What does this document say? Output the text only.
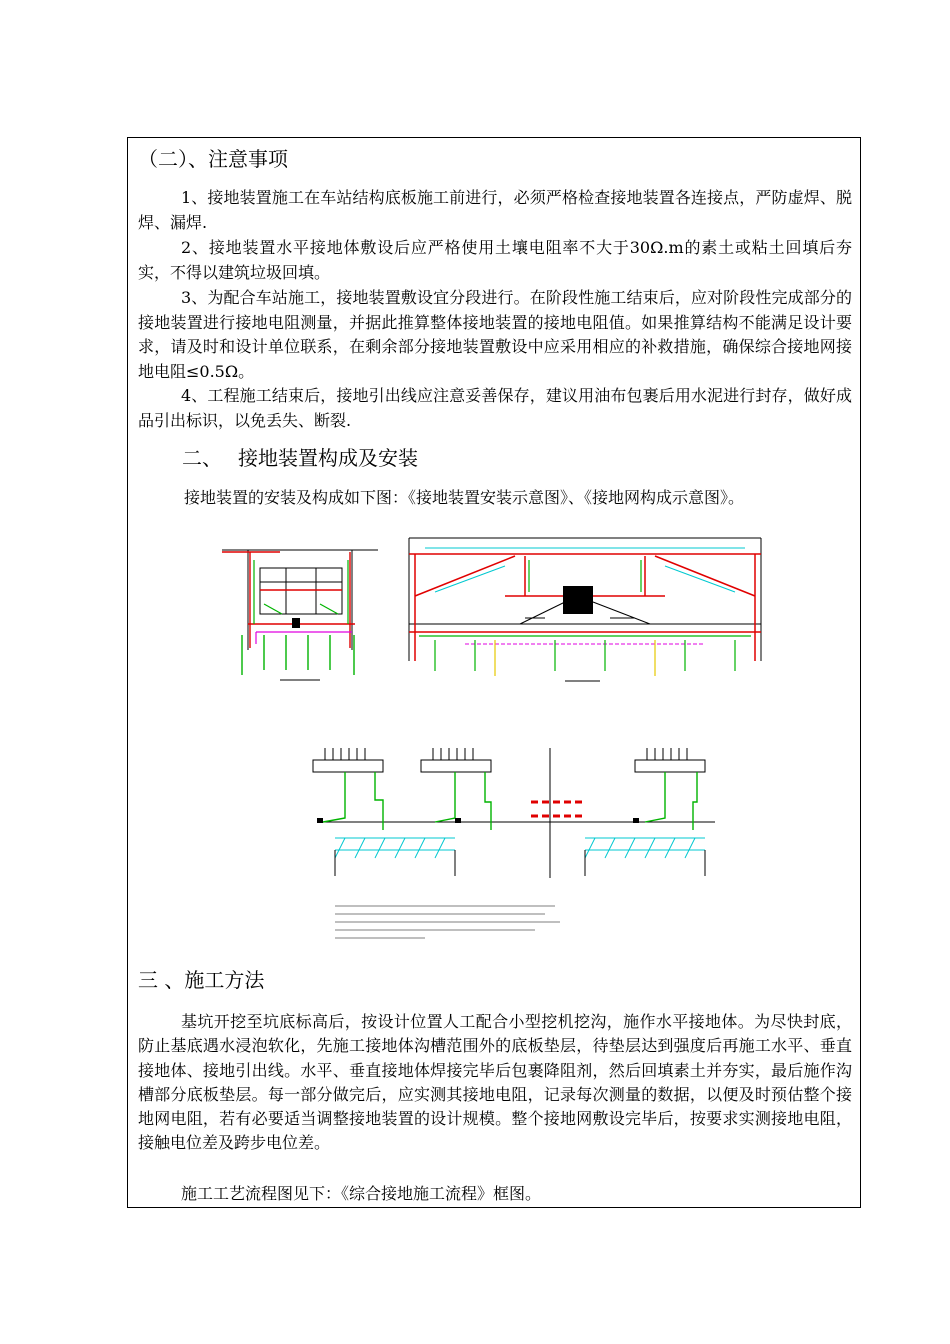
（二）、注意事项
1、接地装置施工在车站结构底板施工前进行，必须严格检查接地装置各连接点，严防虚焊、脱焊、漏焊.
2、接地装置水平接地体敷设后应严格使用土壤电阻率不大于30Ω.m的素土或粘土回填后夯实，不得以建筑垃圾回填。
3、为配合车站施工，接地装置敷设宜分段进行。在阶段性施工结束后，应对阶段性完成部分的接地装置进行接地电阻测量，并据此推算整体接地装置的接地电阻值。如果推算结构不能满足设计要求，请及时和设计单位联系，在剩余部分接地装置敷设中应采用相应的补救措施，确保综合接地网接地电阻≤0.5Ω。
4、工程施工结束后，接地引出线应注意妥善保存，建议用油布包裹后用水泥进行封存，做好成品引出标识，以免丢失、断裂.
二、 接地装置构成及安装
接地装置的安装及构成如下图：《接地装置安装示意图》、《接地网构成示意图》。
三 、施工方法
基坑开挖至坑底标高后，按设计位置人工配合小型挖机挖沟，施作水平接地体。为尽快封底，防止基底遇水浸泡软化，先施工接地体沟槽范围外的底板垫层，待垫层达到强度后再施工水平、垂直接地体、接地引出线。水平、垂直接地体焊接完毕后包裹降阻剂，然后回填素土并夯实，最后施作沟槽部分底板垫层。每一部分做完后，应实测其接地电阻，记录每次测量的数据，以便及时预估整个接地网电阻，若有必要适当调整接地装置的设计规模。整个接地网敷设完毕后，按要求实测接地电阻，接触电位差及跨步电位差。
施工工艺流程图见下：《综合接地施工流程》框图。
